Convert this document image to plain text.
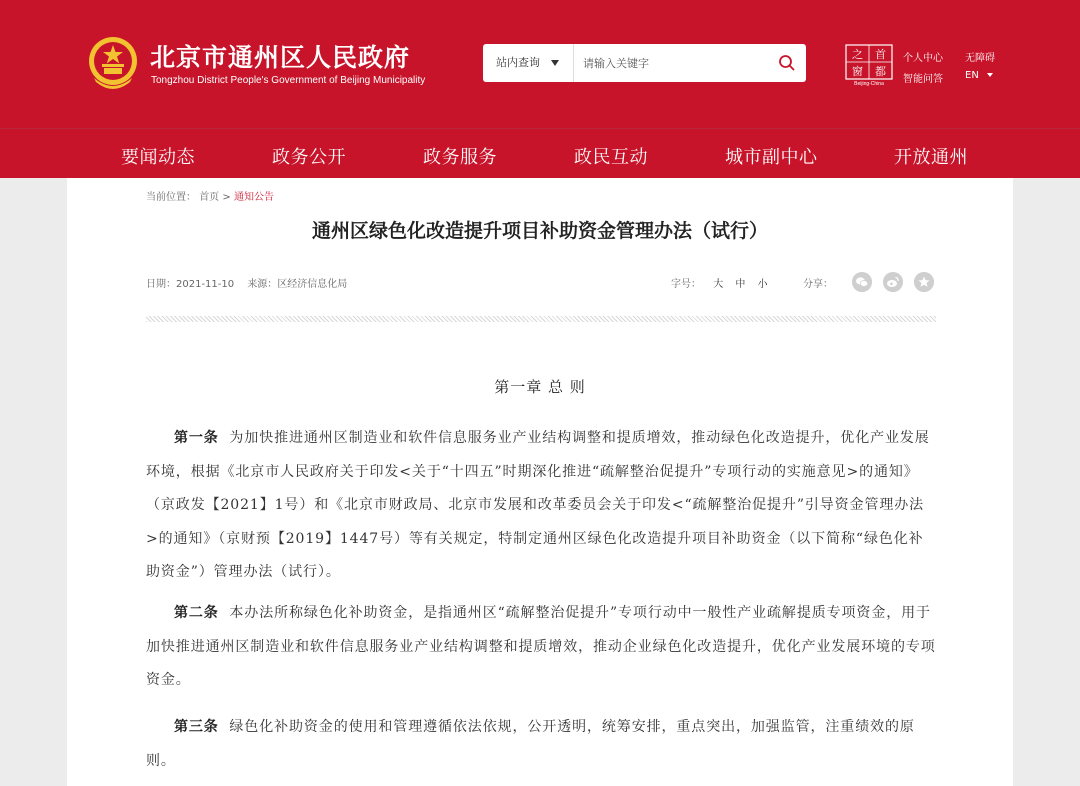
北京市通州区人民政府
Tongzhou District People's Government of Beijing Municipality
站内查询
请输入关键字
之 首
窗 都
Beijing-China
个人中心 无障碍
智能问答 EN
要闻动态	政务公开	政务服务	政民互动	城市副中心	开放通州
当前位置： 首页 > 通知公告
通州区绿色化改造提升项目补助资金管理办法（试行）
日期：2021-11-10 来源：区经济信息化局	字号： 大 中 小	分享：
第一章 总 则
第一条 为加快推进通州区制造业和软件信息服务业产业结构调整和提质增效，推动绿色化改造提升，优化产业发展环境，根据《北京市人民政府关于印发<关于“十四五”时期深化推进“疏解整治促提升”专项行动的实施意见>的通知》（京政发【2021】1号）和《北京市财政局、北京市发展和改革委员会关于印发<“疏解整治促提升”引导资金管理办法>的通知》（京财预【2019】1447号）等有关规定，特制定通州区绿色化改造提升项目补助资金（以下简称“绿色化补助资金”）管理办法（试行）。
第二条 本办法所称绿色化补助资金，是指通州区“疏解整治促提升”专项行动中一般性产业疏解提质专项资金，用于加快推进通州区制造业和软件信息服务业产业结构调整和提质增效，推动企业绿色化改造提升，优化产业发展环境的专项资金。
第三条 绿色化补助资金的使用和管理遵循依法依规，公开透明，统筹安排，重点突出，加强监管，注重绩效的原则。
